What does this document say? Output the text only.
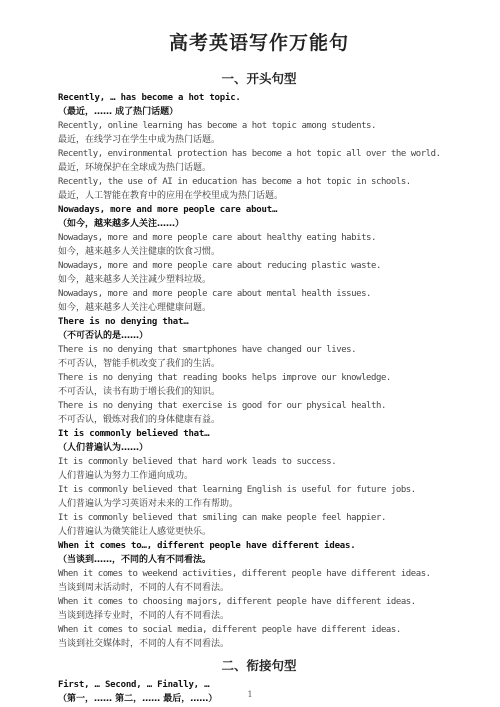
高考英语写作万能句
一、开头句型
Recently, … has become a hot topic.
（最近，…… 成了热门话题）
Recently, online learning has become a hot topic among students.
最近，在线学习在学生中成为热门话题。
Recently, environmental protection has become a hot topic all over the world.
最近，环境保护在全球成为热门话题。
Recently, the use of AI in education has become a hot topic in schools.
最近，人工智能在教育中的应用在学校里成为热门话题。
Nowadays, more and more people care about…
（如今，越来越多人关注……）
Nowadays, more and more people care about healthy eating habits.
如今，越来越多人关注健康的饮食习惯。
Nowadays, more and more people care about reducing plastic waste.
如今，越来越多人关注减少塑料垃圾。
Nowadays, more and more people care about mental health issues.
如今，越来越多人关注心理健康问题。
There is no denying that…
（不可否认的是……）
There is no denying that smartphones have changed our lives.
不可否认，智能手机改变了我们的生活。
There is no denying that reading books helps improve our knowledge.
不可否认，读书有助于增长我们的知识。
There is no denying that exercise is good for our physical health.
不可否认，锻炼对我们的身体健康有益。
It is commonly believed that…
（人们普遍认为……）
It is commonly believed that hard work leads to success.
人们普遍认为努力工作通向成功。
It is commonly believed that learning English is useful for future jobs.
人们普遍认为学习英语对未来的工作有帮助。
It is commonly believed that smiling can make people feel happier.
人们普遍认为微笑能让人感觉更快乐。
When it comes to…, different people have different ideas.
（当谈到……，不同的人有不同看法。
When it comes to weekend activities, different people have different ideas.
当谈到周末活动时，不同的人有不同看法。
When it comes to choosing majors, different people have different ideas.
当谈到选择专业时，不同的人有不同看法。
When it comes to social media, different people have different ideas.
当谈到社交媒体时，不同的人有不同看法。
二、衔接句型
First, … Second, … Finally, …
（第一，…… 第二，…… 最后，……）	1
